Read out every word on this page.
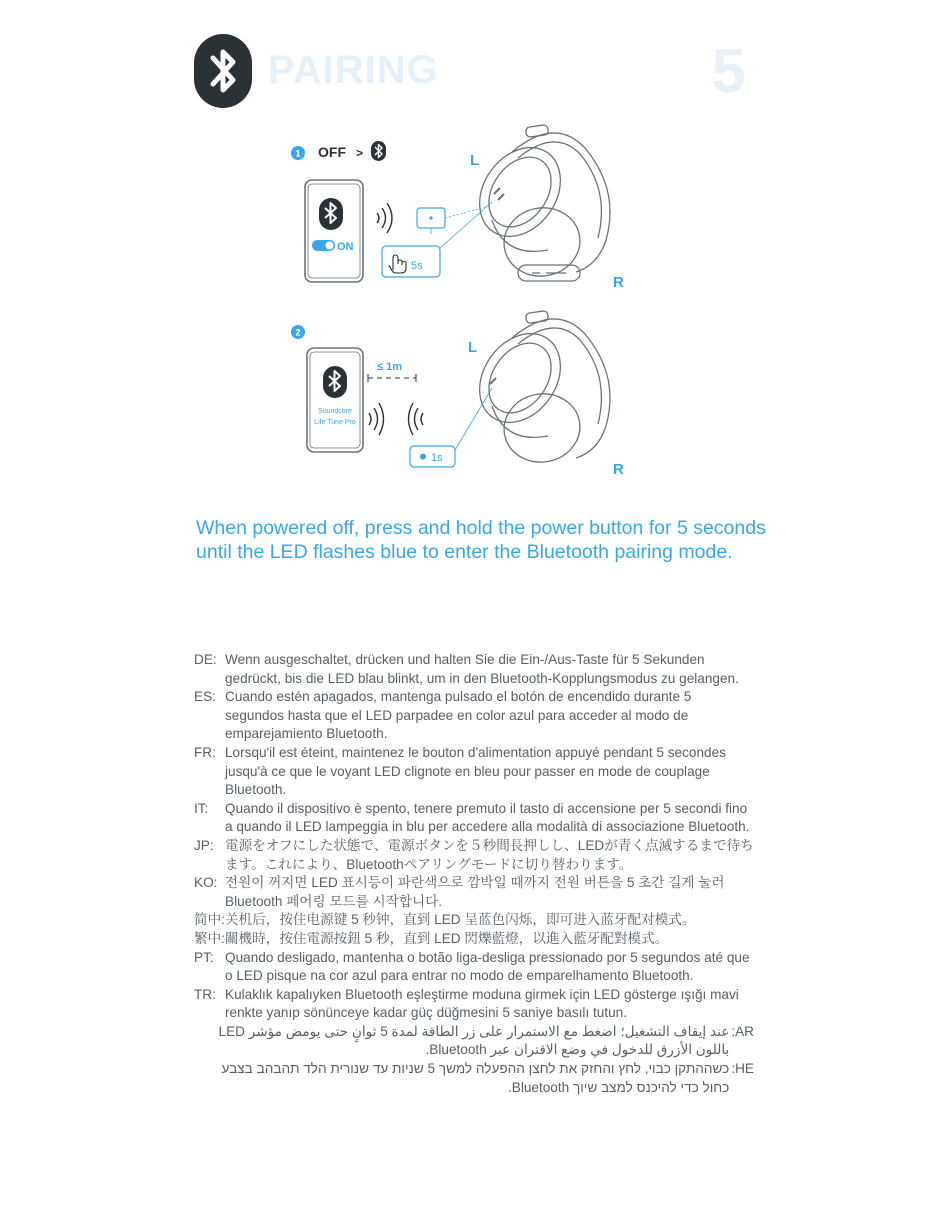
PAIRING	5
1 OFF >
ON
5s
L
R
2
Soundcore
Life Tune Pro
≤ 1m
1s
L
R
When powered off, press and hold the power button for 5 seconds
until the LED flashes blue to enter the Bluetooth pairing mode.
DE: Wenn ausgeschaltet, drücken und halten Sie die Ein-/Aus-Taste für 5 Sekunden gedrückt, bis die LED blau blinkt, um in den Bluetooth-Kopplungsmodus zu gelangen.
ES: Cuando estén apagados, mantenga pulsado el botón de encendido durante 5 segundos hasta que el LED parpadee en color azul para acceder al modo de emparejamiento Bluetooth.
FR: Lorsqu'il est éteint, maintenez le bouton d'alimentation appuyé pendant 5 secondes jusqu'à ce que le voyant LED clignote en bleu pour passer en mode de couplage Bluetooth.
IT:	Quando il dispositivo è spento, tenere premuto il tasto di accensione per 5 secondi fino a quando il LED lampeggia in blu per accedere alla modalità di associazione Bluetooth.
JP: 電源をオフにした状態で、電源ボタンを５秒間長押しし、LEDが青く点滅するまで待ちます。これにより、Bluetoothペアリングモードに切り替わります。
KO: 전원이 꺼지면 LED 표시등이 파란색으로 깜박일 때까지 전원 버튼을 5 초간 길게 눌러 Bluetooth 페어링 모드를 시작합니다.
简中: 关机后，按住电源键 5 秒钟，直到 LED 呈蓝色闪烁，即可进入蓝牙配对模式。
繁中: 關機時，按住電源按鈕 5 秒，直到 LED 閃爍藍燈，以進入藍牙配對模式。
PT: Quando desligado, mantenha o botão liga-desliga pressionado por 5 segundos até que o LED pisque na cor azul para entrar no modo de emparelhamento Bluetooth.
TR: Kulaklık kapalıyken Bluetooth eşleştirme moduna girmek için LED gösterge ışığı mavi renkte yanıp sönünceye kadar güç düğmesini 5 saniye basılı tutun.
:AR
عند إيقاف التشغيل؛ اضغط مع الاستمرار على زر الطاقة لمدة 5 ثوانٍ حتى يومض مؤشر LED باللون الأزرق للدخول في وضع الاقتران عبر Bluetooth.
:HE
כשההתקן כבוי, לחץ והחזק את לחצן ההפעלה למשך 5 שניות עד שנורית הלד תהבהב בצבע כחול כדי להיכנס למצב שיוך Bluetooth.
